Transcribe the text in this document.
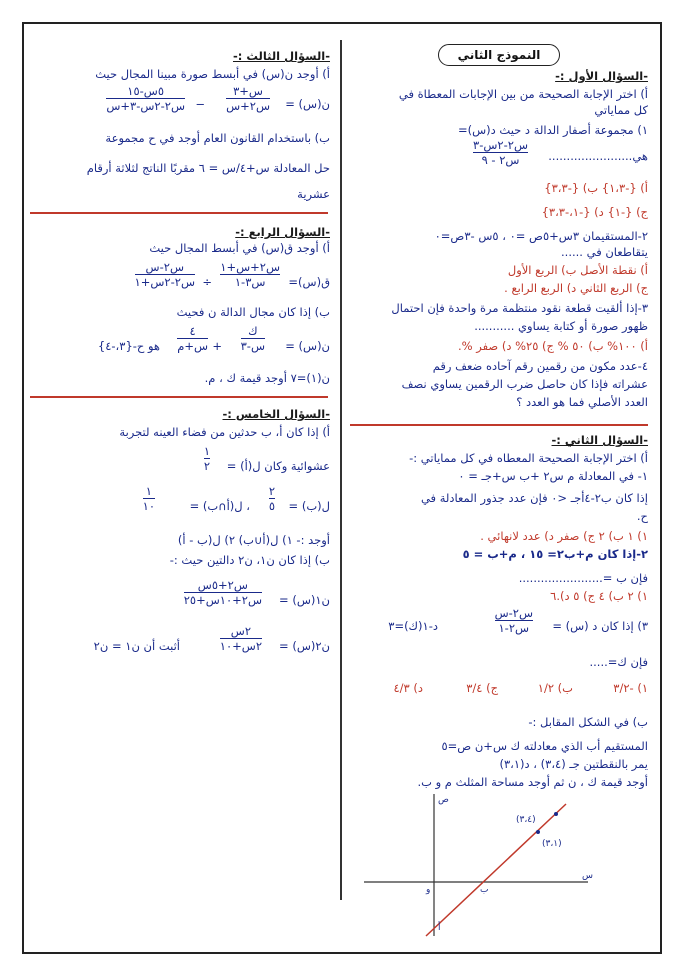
النموذج الثاني
-السؤال الأول :-
أ) اختر الإجابة الصحيحة من بين الإجابات المعطاة في
كل مماياتي
١) مجموعة أصفار الدالة د حيث د(س)=
$\frac{\text{س٢-٢س-٣}}{\text{س٢ - ٩}}$ هي.......................
أ) {-١،٣} ب) {-٣،٣}
ج) {-١} د) {-١،-٣،٣}
٢-المستقيمان ٣س+٥ص =٠ ، ٥س -٣ص=٠
يتقاطعان في ......
أ) نقطة الأصل ب) الربع الأول
ج) الربع الثاني د) الربع الرابع .
٣-إذا ألقيت قطعة نقود منتظمة مرة واحدة فإن احتمال
ظهور صورة أو كتابة يساوي ...........
أ) ١٠٠% ب) ٥٠ % ج) ٢٥% د) صفر %.
٤-عدد مكون من رقمين رقم آحاده ضعف رقم
عشراته فإذا كان حاصل ضرب الرقمين يساوي نصف
العدد الأصلي فما هو العدد ؟
-السؤال الثاني :-
أ) اختر الإجابة الصحيحة المعطاه في كل مماياتي :-
١- في المعادلة م س٢ +ب س+جـ = ٠
إذا كان ب٢-٤أجـ <٠ فإن عدد جذور المعادلة في
ح.
١) ١ ب) ٢ ج) صفر د) عدد لانهائي .
٢-إذا كان م+ب٢= ١٥ ، م+ب = ٥
فإن ب =.......................
١) ٢ ب) ٤ ج) ٥ د).٦
٣) إذا كان د (س) =
$\frac{\text{س٢-س}}{\text{س٢-١}}$
د-١(ك)=٣
فإن ك=.....
١) -٣/٢
ب) ١/٢
ج) ٣/٤
د) ٤/٣
ب) في الشكل المقابل :-
المستقيم أب الذي معادلته ك س+ن ص=٥
يمر بالنقطتين جـ (٣،٤) ، د(٣،١)
أوجد قيمة ك ، ن ثم أوجد مساحة المثلث م و ب.
(٣،٤)
(٣،١)
س
ص
و	ب
أ
-السؤال الثالث :-
أ) أوجد ن(س) في أبسط صورة مبينا المجال حيث
ن(س) =
$\frac{\text{س+٣}}{\text{س٢+س}}$
−
$\frac{\text{٥س-١٥}}{\text{س٢-٢س-٣+س}}$
ب) باستخدام القانون العام أوجد في ح مجموعة
حل المعادلة س+٤/س = ٦ مقربًا الناتج لثلاثة أرقام
عشرية
-السؤال الرابع :-
أ) أوجد ق(س) في أبسط المجال حيث
ق(س)=
$\frac{\text{س٢+س+١}}{\text{س٣-١}}$
÷
$\frac{\text{س٢-س}}{\text{س٢-٢س+١}}$
ب) إذا كان مجال الدالة ن فحيث
ن(س) =
$\frac{\text{ك}}{\text{س-٣}}$
+
$\frac{٤}{\text{س+م}}$
هو ح-{٣،-٤}
ن(١)=٧ أوجد قيمة ك ، م.
-السؤال الخامس :-
أ) إذا كان أ، ب حدثين من فضاء العينه لتجربة
عشوائية وكان ل(أ) =
$\frac{١}{٢}$
ل(ب) =
$\frac{٢}{٥}$
، ل(أ∩ب) =
$\frac{١}{١٠}$
أوجد :- ١) ل(أ∪ب) ٢) ل(ب - أ)
ب) إذا كان ن١، ن٢ دالتين حيث :-
ن١(س) =
$\frac{\text{س٢+٥س}}{\text{س٢+١٠س+٢٥}}$
ن٢(س) =
$\frac{\text{٢س}}{\text{٢س+١٠}}$
أثبت أن ن١ = ن٢
